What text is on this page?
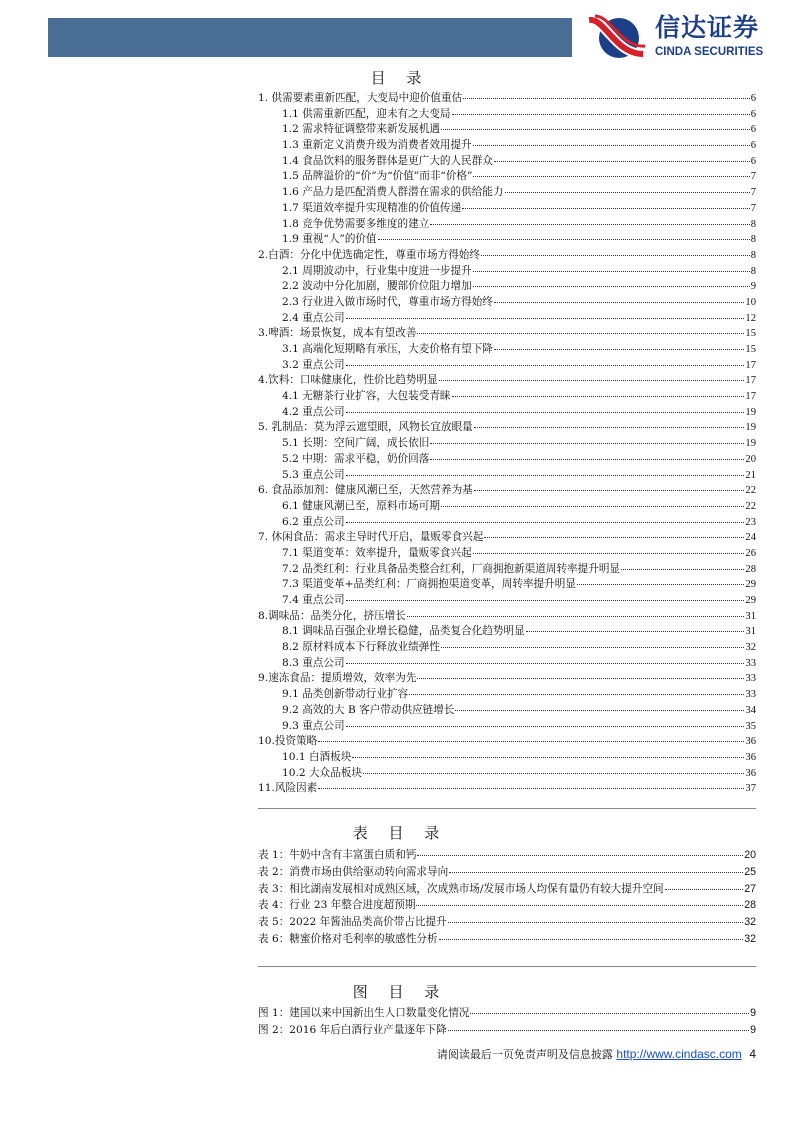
信达证券
CINDA SECURITIES
目 录
1. 供需要素重新匹配，大变局中迎价值重估	6
1.1 供需重新匹配，迎未有之大变局	6
1.2 需求特征调整带来新发展机遇	6
1.3 重新定义消费升级为消费者效用提升	6
1.4 食品饮料的服务群体是更广大的人民群众	6
1.5 品牌溢价的“价”为“价值”而非“价格”	7
1.6 产品力是匹配消费人群潜在需求的供给能力	7
1.7 渠道效率提升实现精准的价值传递	7
1.8 竞争优势需要多维度的建立	8
1.9 重视“人”的价值	8
2.白酒：分化中优选确定性，尊重市场方得始终	8
2.1 周期波动中，行业集中度进一步提升	8
2.2 波动中分化加剧，腰部价位阻力增加	9
2.3 行业进入做市场时代，尊重市场方得始终	10
2.4 重点公司	12
3.啤酒：场景恢复，成本有望改善	15
3.1 高端化短期略有承压，大麦价格有望下降	15
3.2 重点公司	17
4.饮料：口味健康化，性价比趋势明显	17
4.1 无糖茶行业扩容，大包装受青睐	17
4.2 重点公司	19
5. 乳制品：莫为浮云遮望眼，风物长宜放眼量	19
5.1 长期：空间广阔，成长依旧	19
5.2 中期：需求平稳，奶价回落	20
5.3 重点公司	21
6. 食品添加剂：健康风潮已至，天然营养为基	22
6.1 健康风潮已至，原料市场可期	22
6.2 重点公司	23
7. 休闲食品：需求主导时代开启，量贩零食兴起	24
7.1 渠道变革：效率提升，量贩零食兴起	26
7.2 品类红利：行业具备品类整合红利，厂商拥抱新渠道周转率提升明显	28
7.3 渠道变革+品类红利：厂商拥抱渠道变革，周转率提升明显	29
7.4 重点公司	29
8.调味品：品类分化，挤压增长	31
8.1 调味品百强企业增长稳健，品类复合化趋势明显	31
8.2 原材料成本下行释放业绩弹性	32
8.3 重点公司	33
9.速冻食品：提质增效，效率为先	33
9.1 品类创新带动行业扩容	33
9.2 高效的大 B 客户带动供应链增长	34
9.3 重点公司	35
10.投资策略	36
10.1 白酒板块	36
10.2 大众品板块	36
11.风险因素	37
表 目 录
表 1：牛奶中含有丰富蛋白质和钙	20
表 2：消费市场由供给驱动转向需求导向	25
表 3：相比湖南发展相对成熟区域，次成熟市场/发展市场人均保有量仍有较大提升空间	27
表 4：行业 23 年整合进度超预期	28
表 5：2022 年酱油品类高价带占比提升	32
表 6：糖蜜价格对毛利率的敏感性分析	32
图 目 录
图 1：建国以来中国新出生人口数量变化情况	9
图 2：2016 年后白酒行业产量逐年下降	9
请阅读最后一页免责声明及信息披露 http://www.cindasc.com 4
